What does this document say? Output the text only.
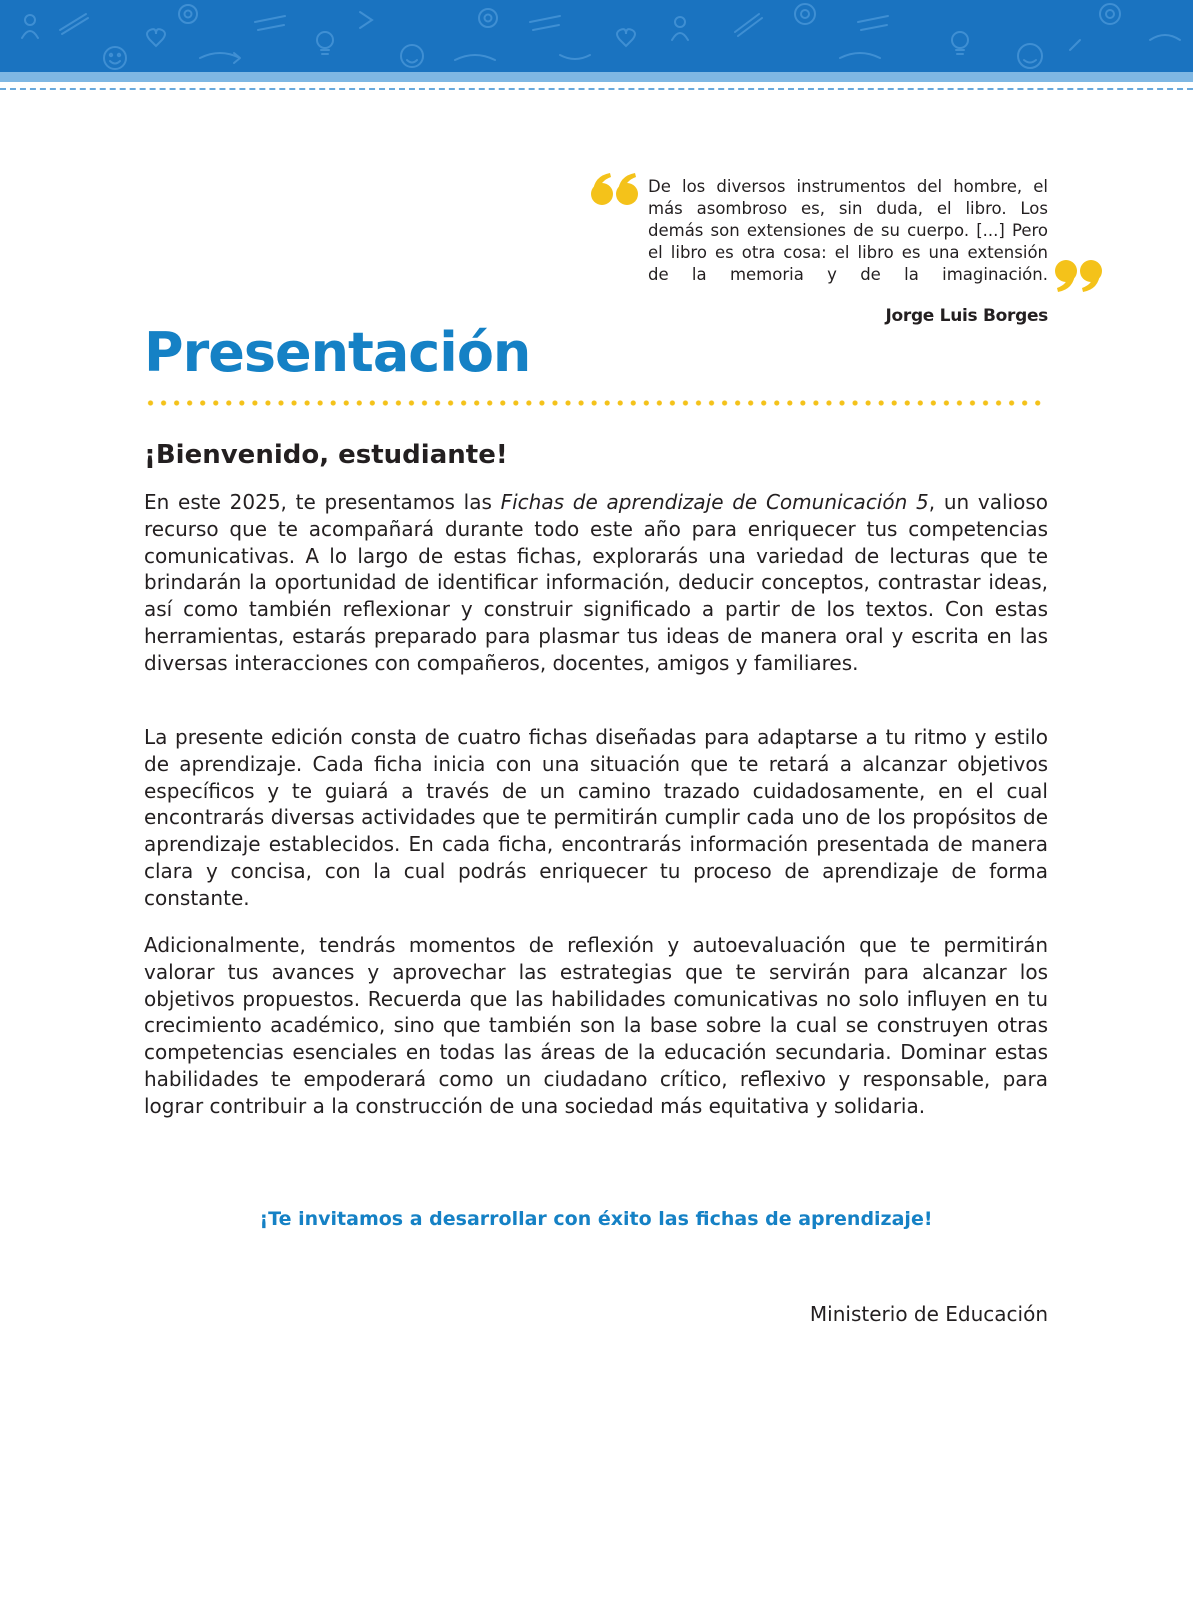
De los diversos instrumentos del hombre, el más asombroso es, sin duda, el libro. Los demás son extensiones de su cuerpo. [...] Pero el libro es otra cosa: el libro es una extensión de la memoria y de la imaginación.

Jorge Luis Borges
Presentación
¡Bienvenido, estudiante!

En este 2025, te presentamos las Fichas de aprendizaje de Comunicación 5, un valioso recurso que te acompañará durante todo este año para enriquecer tus competencias comunicativas. A lo largo de estas fichas, explorarás una variedad de lecturas que te brindarán la oportunidad de identificar información, deducir conceptos, contrastar ideas, así como también reflexionar y construir significado a partir de los textos. Con estas herramientas, estarás preparado para plasmar tus ideas de manera oral y escrita en las diversas interacciones con compañeros, docentes, amigos y familiares.

La presente edición consta de cuatro fichas diseñadas para adaptarse a tu ritmo y estilo de aprendizaje. Cada ficha inicia con una situación que te retará a alcanzar objetivos específicos y te guiará a través de un camino trazado cuidadosamente, en el cual encontrarás diversas actividades que te permitirán cumplir cada uno de los propósitos de aprendizaje establecidos. En cada ficha, encontrarás información presentada de manera clara y concisa, con la cual podrás enriquecer tu proceso de aprendizaje de forma constante.

Adicionalmente, tendrás momentos de reflexión y autoevaluación que te permitirán valorar tus avances y aprovechar las estrategias que te servirán para alcanzar los objetivos propuestos. Recuerda que las habilidades comunicativas no solo influyen en tu crecimiento académico, sino que también son la base sobre la cual se construyen otras competencias esenciales en todas las áreas de la educación secundaria. Dominar estas habilidades te empoderará como un ciudadano crítico, reflexivo y responsable, para lograr contribuir a la construcción de una sociedad más equitativa y solidaria.

¡Te invitamos a desarrollar con éxito las fichas de aprendizaje!

Ministerio de Educación
